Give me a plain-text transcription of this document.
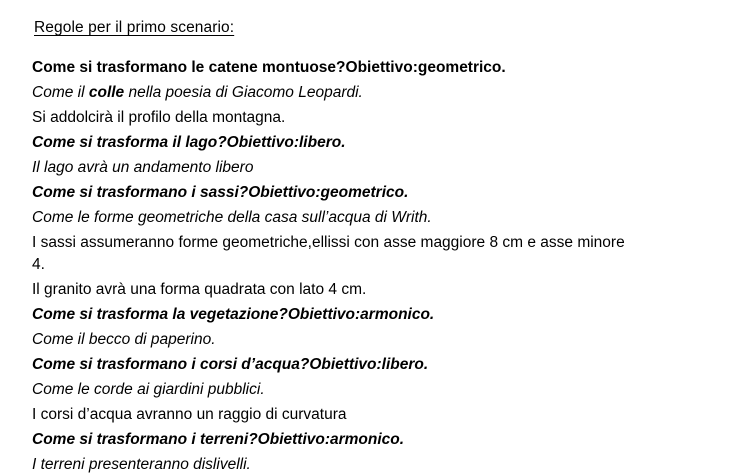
Regole per il primo scenario:

Come si trasformano le catene montuose?Obiettivo:geometrico.

Come il colle nella poesia di Giacomo Leopardi.

Si addolcirà il profilo della montagna.

Come si trasforma il lago?Obiettivo:libero.

Il lago avrà un andamento libero

Come si trasformano i sassi?Obiettivo:geometrico.

Come le forme geometriche della casa sull’acqua di Writh.

I sassi assumeranno forme geometriche,ellissi con asse maggiore 8 cm e asse minore 4.

Il granito avrà una forma quadrata con lato 4 cm.

Come si trasforma la vegetazione?Obiettivo:armonico.

Come il becco di paperino.

Come si trasformano i corsi d’acqua?Obiettivo:libero.

Come le corde ai giardini pubblici.

I corsi d’acqua avranno un raggio di curvatura

Come si trasformano i terreni?Obiettivo:armonico.

I terreni presenteranno dislivelli.
